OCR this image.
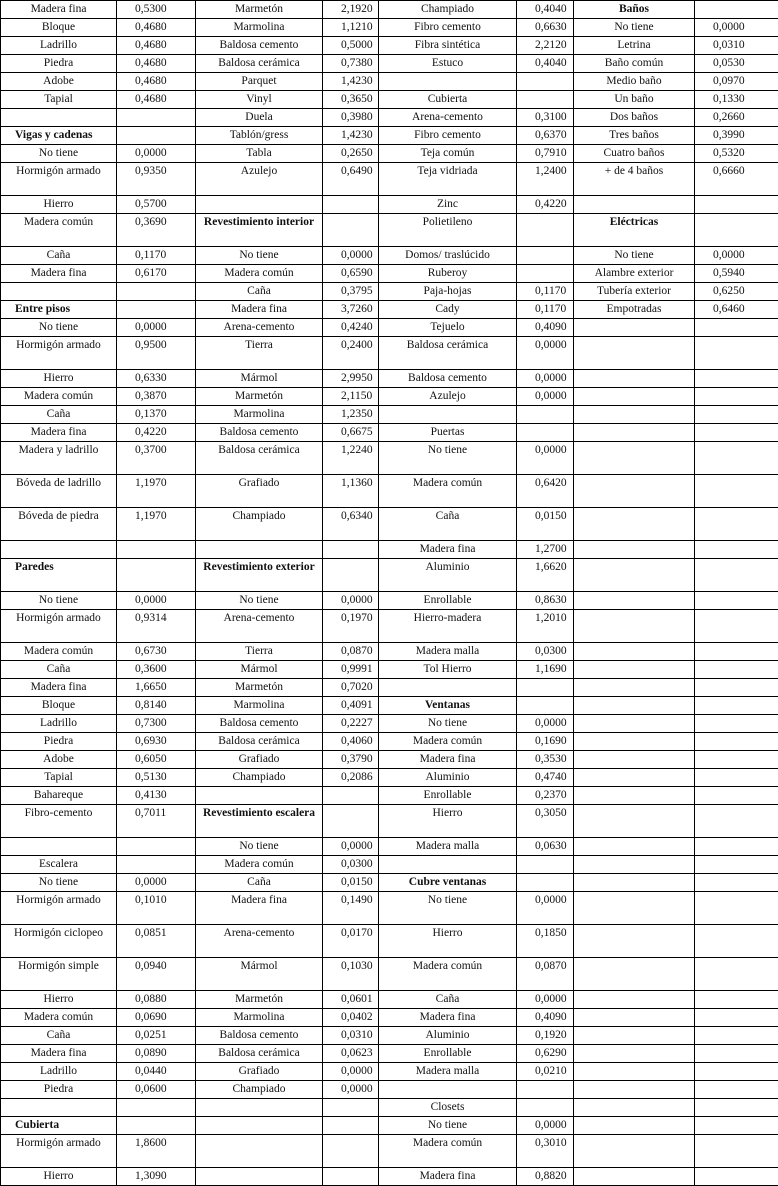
Madera fina	0,5300	Marmetón	2,1920	Champiado	0,4040	Baños	
Bloque	0,4680	Marmolina	1,1210	Fibro cemento	0,6630	No tiene	0,0000
Ladrillo	0,4680	Baldosa cemento	0,5000	Fibra sintética	2,2120	Letrina	0,0310
Piedra	0,4680	Baldosa cerámica	0,7380	Estuco	0,4040	Baño común	0,0530
Adobe	0,4680	Parquet	1,4230			Medio baño	0,0970
Tapial	0,4680	Vinyl	0,3650	Cubierta		Un baño	0,1330
		Duela	0,3980	Arena-cemento	0,3100	Dos baños	0,2660
Vigas y cadenas		Tablón/gress	1,4230	Fibro cemento	0,6370	Tres baños	0,3990
No tiene	0,0000	Tabla	0,2650	Teja común	0,7910	Cuatro baños	0,5320
Hormigón armado	0,9350	Azulejo	0,6490	Teja vidriada	1,2400	+ de 4 baños	0,6660
Hierro	0,5700			Zinc	0,4220		
Madera común	0,3690	Revestimiento interior		Polietileno		Eléctricas	
Caña	0,1170	No tiene	0,0000	Domos/ traslúcido		No tiene	0,0000
Madera fina	0,6170	Madera común	0,6590	Ruberoy		Alambre exterior	0,5940
		Caña	0,3795	Paja-hojas	0,1170	Tubería exterior	0,6250
Entre pisos		Madera fina	3,7260	Cady	0,1170	Empotradas	0,6460
No tiene	0,0000	Arena-cemento	0,4240	Tejuelo	0,4090		
Hormigón armado	0,9500	Tierra	0,2400	Baldosa cerámica	0,0000		
Hierro	0,6330	Mármol	2,9950	Baldosa cemento	0,0000		
Madera común	0,3870	Marmetón	2,1150	Azulejo	0,0000		
Caña	0,1370	Marmolina	1,2350				
Madera fina	0,4220	Baldosa cemento	0,6675	Puertas			
Madera y ladrillo	0,3700	Baldosa cerámica	1,2240	No tiene	0,0000		
Bóveda de ladrillo	1,1970	Grafiado	1,1360	Madera común	0,6420		
Bóveda de piedra	1,1970	Champiado	0,6340	Caña	0,0150		
				Madera fina	1,2700		
Paredes		Revestimiento exterior		Aluminio	1,6620		
No tiene	0,0000	No tiene	0,0000	Enrollable	0,8630		
Hormigón armado	0,9314	Arena-cemento	0,1970	Hierro-madera	1,2010		
Madera común	0,6730	Tierra	0,0870	Madera malla	0,0300		
Caña	0,3600	Mármol	0,9991	Tol Hierro	1,1690		
Madera fina	1,6650	Marmetón	0,7020				
Bloque	0,8140	Marmolina	0,4091	Ventanas			
Ladrillo	0,7300	Baldosa cemento	0,2227	No tiene	0,0000		
Piedra	0,6930	Baldosa cerámica	0,4060	Madera común	0,1690		
Adobe	0,6050	Grafiado	0,3790	Madera fina	0,3530		
Tapial	0,5130	Champiado	0,2086	Aluminio	0,4740		
Bahareque	0,4130			Enrollable	0,2370		
Fibro-cemento	0,7011	Revestimiento escalera		Hierro	0,3050		
		No tiene	0,0000	Madera malla	0,0630		
Escalera		Madera común	0,0300				
No tiene	0,0000	Caña	0,0150	Cubre ventanas			
Hormigón armado	0,1010	Madera fina	0,1490	No tiene	0,0000		
Hormigón ciclopeo	0,0851	Arena-cemento	0,0170	Hierro	0,1850		
Hormigón simple	0,0940	Mármol	0,1030	Madera común	0,0870		
Hierro	0,0880	Marmetón	0,0601	Caña	0,0000		
Madera común	0,0690	Marmolina	0,0402	Madera fina	0,4090		
Caña	0,0251	Baldosa cemento	0,0310	Aluminio	0,1920		
Madera fina	0,0890	Baldosa cerámica	0,0623	Enrollable	0,6290		
Ladrillo	0,0440	Grafiado	0,0000	Madera malla	0,0210		
Piedra	0,0600	Champiado	0,0000				
				Closets			
Cubierta				No tiene	0,0000		
Hormigón armado	1,8600			Madera común	0,3010		
Hierro	1,3090			Madera fina	0,8820		
